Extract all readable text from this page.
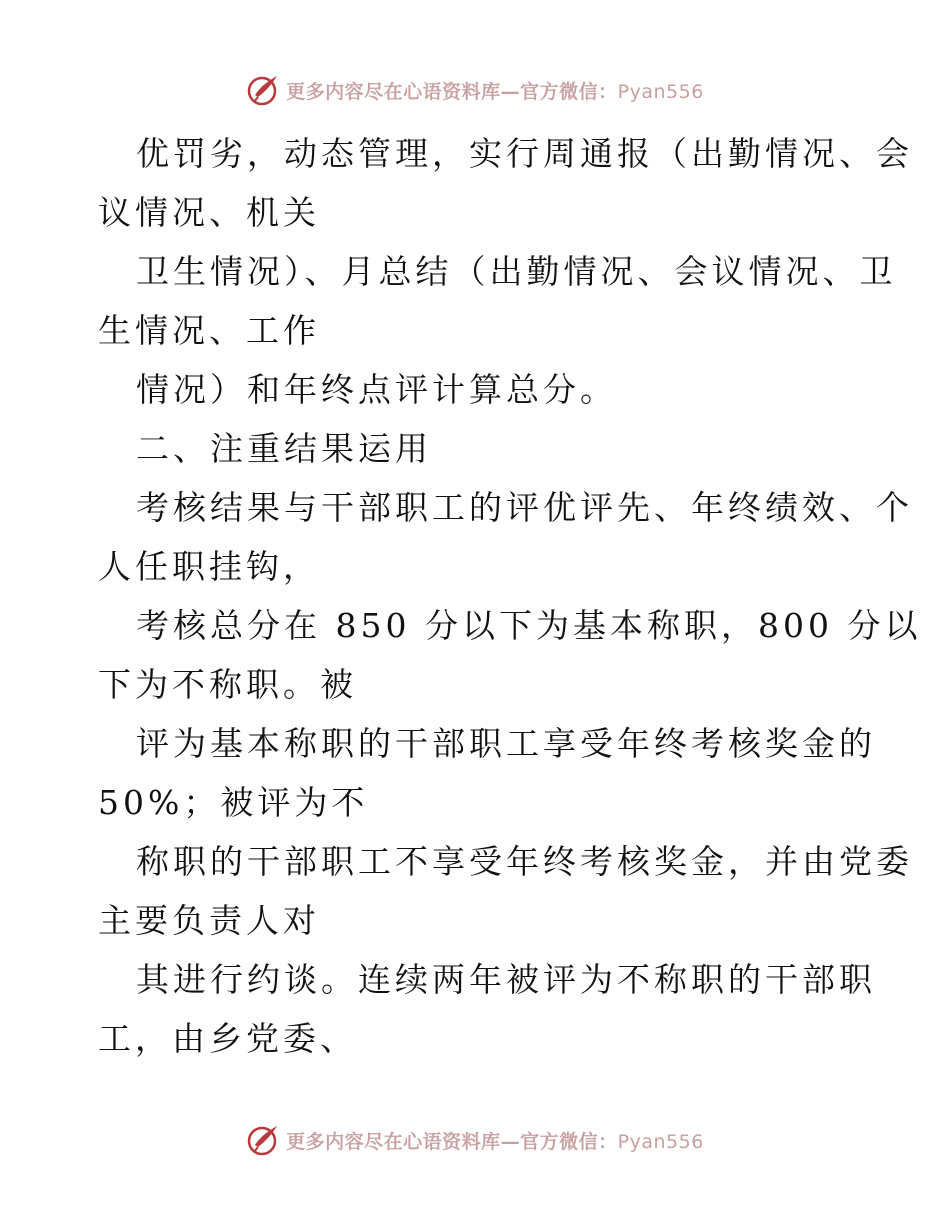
更多内容尽在心语资料库—官方微信：Pyan556
优罚劣，动态管理，实行周通报（出勤情况、会
议情况、机关
卫生情况）、月总结（出勤情况、会议情况、卫
生情况、工作
情况）和年终点评计算总分。
二、注重结果运用
考核结果与干部职工的评优评先、年终绩效、个
人任职挂钩，
考核总分在 850 分以下为基本称职，800 分以
下为不称职。被
评为基本称职的干部职工享受年终考核奖金的
50%；被评为不
称职的干部职工不享受年终考核奖金，并由党委
主要负责人对
其进行约谈。连续两年被评为不称职的干部职
工，由乡党委、
更多内容尽在心语资料库—官方微信：Pyan556
